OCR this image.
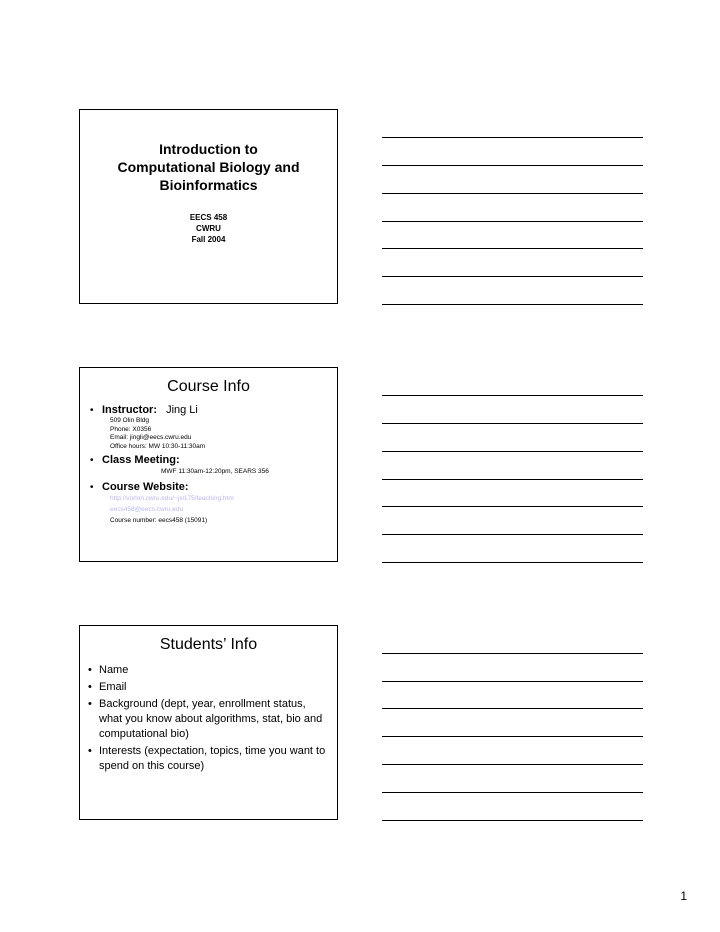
Introduction to
Computational Biology and
Bioinformatics
EECS 458
CWRU
Fall 2004
Course Info
• Instructor: Jing Li
509 Olin Bldg
Phone: X0356
Email: jingli@eecs.cwru.edu
Office hours: MW 10:30-11:30am
• Class Meeting:
MWF 11:30am-12:20pm, SEARS 356
• Course Website:
http://vorlon.cwru.edu/~jxl175/teaching.htm
eecs458@eecs.cwru.edu
Course number: eecs458 (15091)
Students’ Info
• Name
• Email
• Background (dept, year, enrollment status, what you know about algorithms, stat, bio and computational bio)
• Interests (expectation, topics, time you want to spend on this course)
1
